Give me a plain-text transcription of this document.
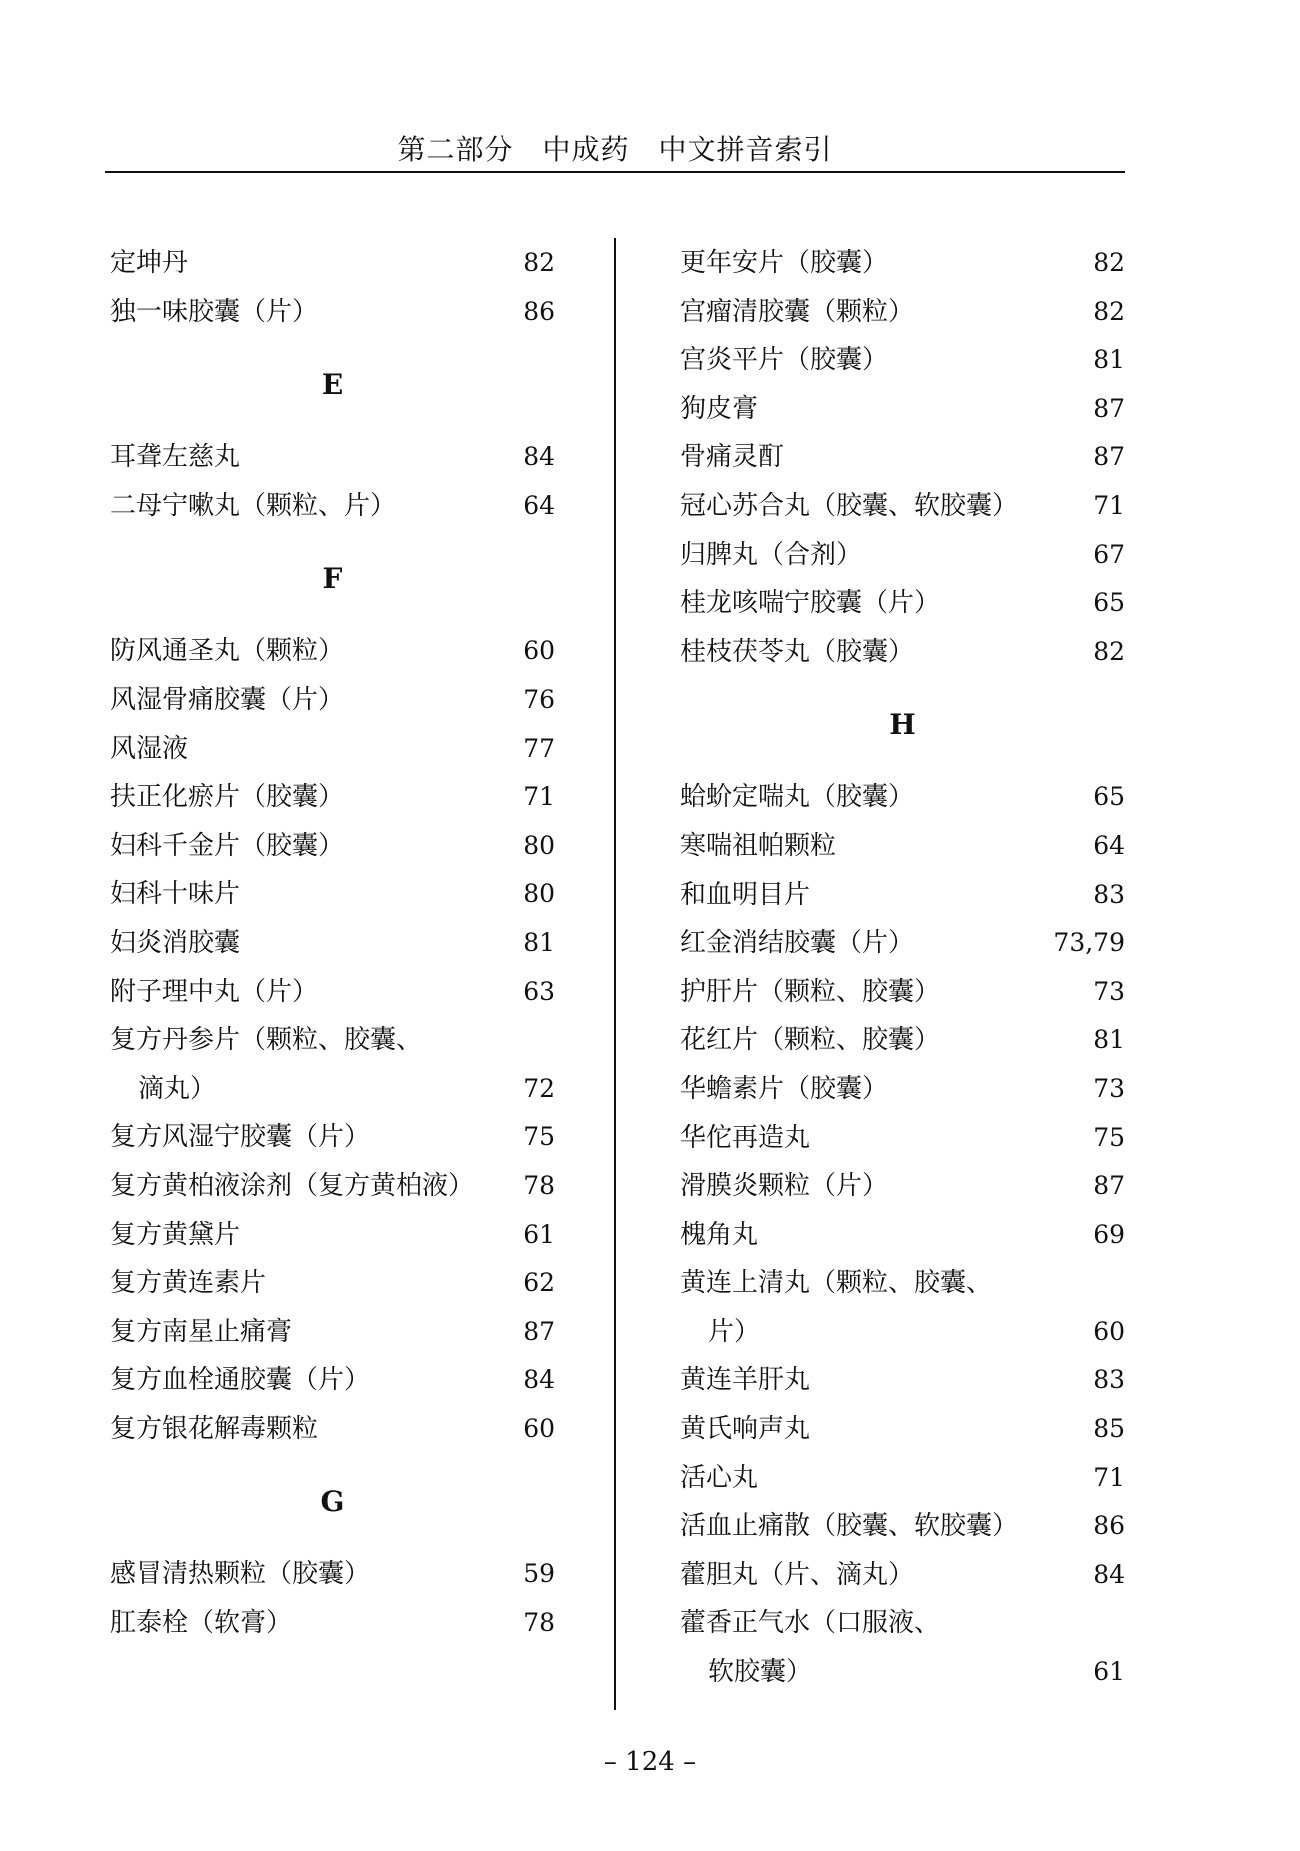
第二部分　中成药　中文拼音索引
定坤丹	82
独一味胶囊（片）	86
E
耳聋左慈丸	84
二母宁嗽丸（颗粒、片）	64
F
防风通圣丸（颗粒）	60
风湿骨痛胶囊（片）	76
风湿液	77
扶正化瘀片（胶囊）	71
妇科千金片（胶囊）	80
妇科十味片	80
妇炎消胶囊	81
附子理中丸（片）	63
复方丹参片（颗粒、胶囊、
滴丸）	72
复方风湿宁胶囊（片）	75
复方黄柏液涂剂（复方黄柏液） 78
复方黄黛片	61
复方黄连素片	62
复方南星止痛膏	87
复方血栓通胶囊（片）	84
复方银花解毒颗粒	60
G
感冒清热颗粒（胶囊）	59
肛泰栓（软膏）	78
更年安片（胶囊）	82
宫瘤清胶囊（颗粒）	82
宫炎平片（胶囊）	81
狗皮膏	87
骨痛灵酊	87
冠心苏合丸（胶囊、软胶囊）	71
归脾丸（合剂）	67
桂龙咳喘宁胶囊（片）	65
桂枝茯苓丸（胶囊）	82
H
蛤蚧定喘丸（胶囊）	65
寒喘祖帕颗粒	64
和血明目片	83
红金消结胶囊（片）	73,79
护肝片（颗粒、胶囊）	73
花红片（颗粒、胶囊）	81
华蟾素片（胶囊）	73
华佗再造丸	75
滑膜炎颗粒（片）	87
槐角丸	69
黄连上清丸（颗粒、胶囊、
片）	60
黄连羊肝丸	83
黄氏响声丸	85
活心丸	71
活血止痛散（胶囊、软胶囊）	86
藿胆丸（片、滴丸）	84
藿香正气水（口服液、
软胶囊）	61
– 124 –
